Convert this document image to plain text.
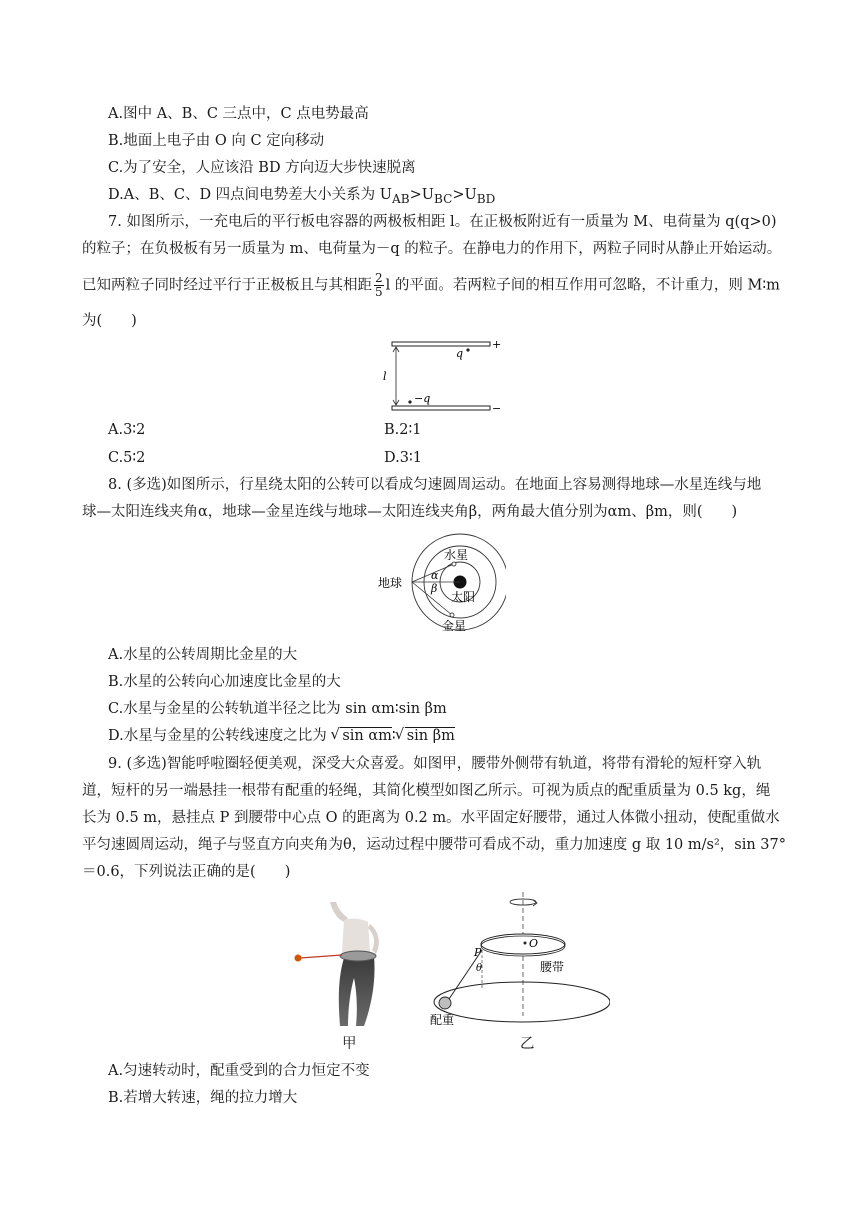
A.图中 A、B、C 三点中，C 点电势最高
B.地面上电子由 O 向 C 定向移动
C.为了安全，人应该沿 BD 方向迈大步快速脱离
D.A、B、C、D 四点间电势差大小关系为 $U_{AB}>U_{BC}>U_{BD}$
7. 如图所示，一充电后的平行板电容器的两极板相距 l。在正极板附近有一质量为 M、电荷量为 q(q>0)
的粒子；在负极板有另一质量为 m、电荷量为－q 的粒子。在静电力的作用下，两粒子同时从静止开始运动。
已知两粒子同时经过平行于正极板且与其相距 $\frac{2}{5}$ l 的平面。若两粒子间的相互作用可忽略，不计重力，则 M∶m
为(　　)
+
−
q
−q
l
A.3∶2	B.2∶1
C.5∶2	D.3∶1
8. (多选)如图所示，行星绕太阳的公转可以看成匀速圆周运动。在地面上容易测得地球—水星连线与地
球—太阳连线夹角α，地球—金星连线与地球—太阳连线夹角β，两角最大值分别为αm、βm，则(　　)
地球
水星
太阳
金星
α
β
A.水星的公转周期比金星的大
B.水星的公转向心加速度比金星的大
C.水星与金星的公转轨道半径之比为 sin αm∶sin βm
D.水星与金星的公转线速度之比为 √ sin αm∶ √ sin βm
9. (多选)智能呼啦圈轻便美观，深受大众喜爱。如图甲，腰带外侧带有轨道，将带有滑轮的短杆穿入轨
道，短杆的另一端悬挂一根带有配重的轻绳，其简化模型如图乙所示。可视为质点的配重质量为 0.5 kg，绳
长为 0.5 m，悬挂点 P 到腰带中心点 O 的距离为 0.2 m。水平固定好腰带，通过人体微小扭动，使配重做水
平匀速圆周运动，绳子与竖直方向夹角为θ，运动过程中腰带可看成不动，重力加速度 g 取 10 m/s²，sin 37°
＝0.6，下列说法正确的是(　　)
O
P
θ	腰带
配重
甲	乙
A.匀速转动时，配重受到的合力恒定不变
B.若增大转速，绳的拉力增大
